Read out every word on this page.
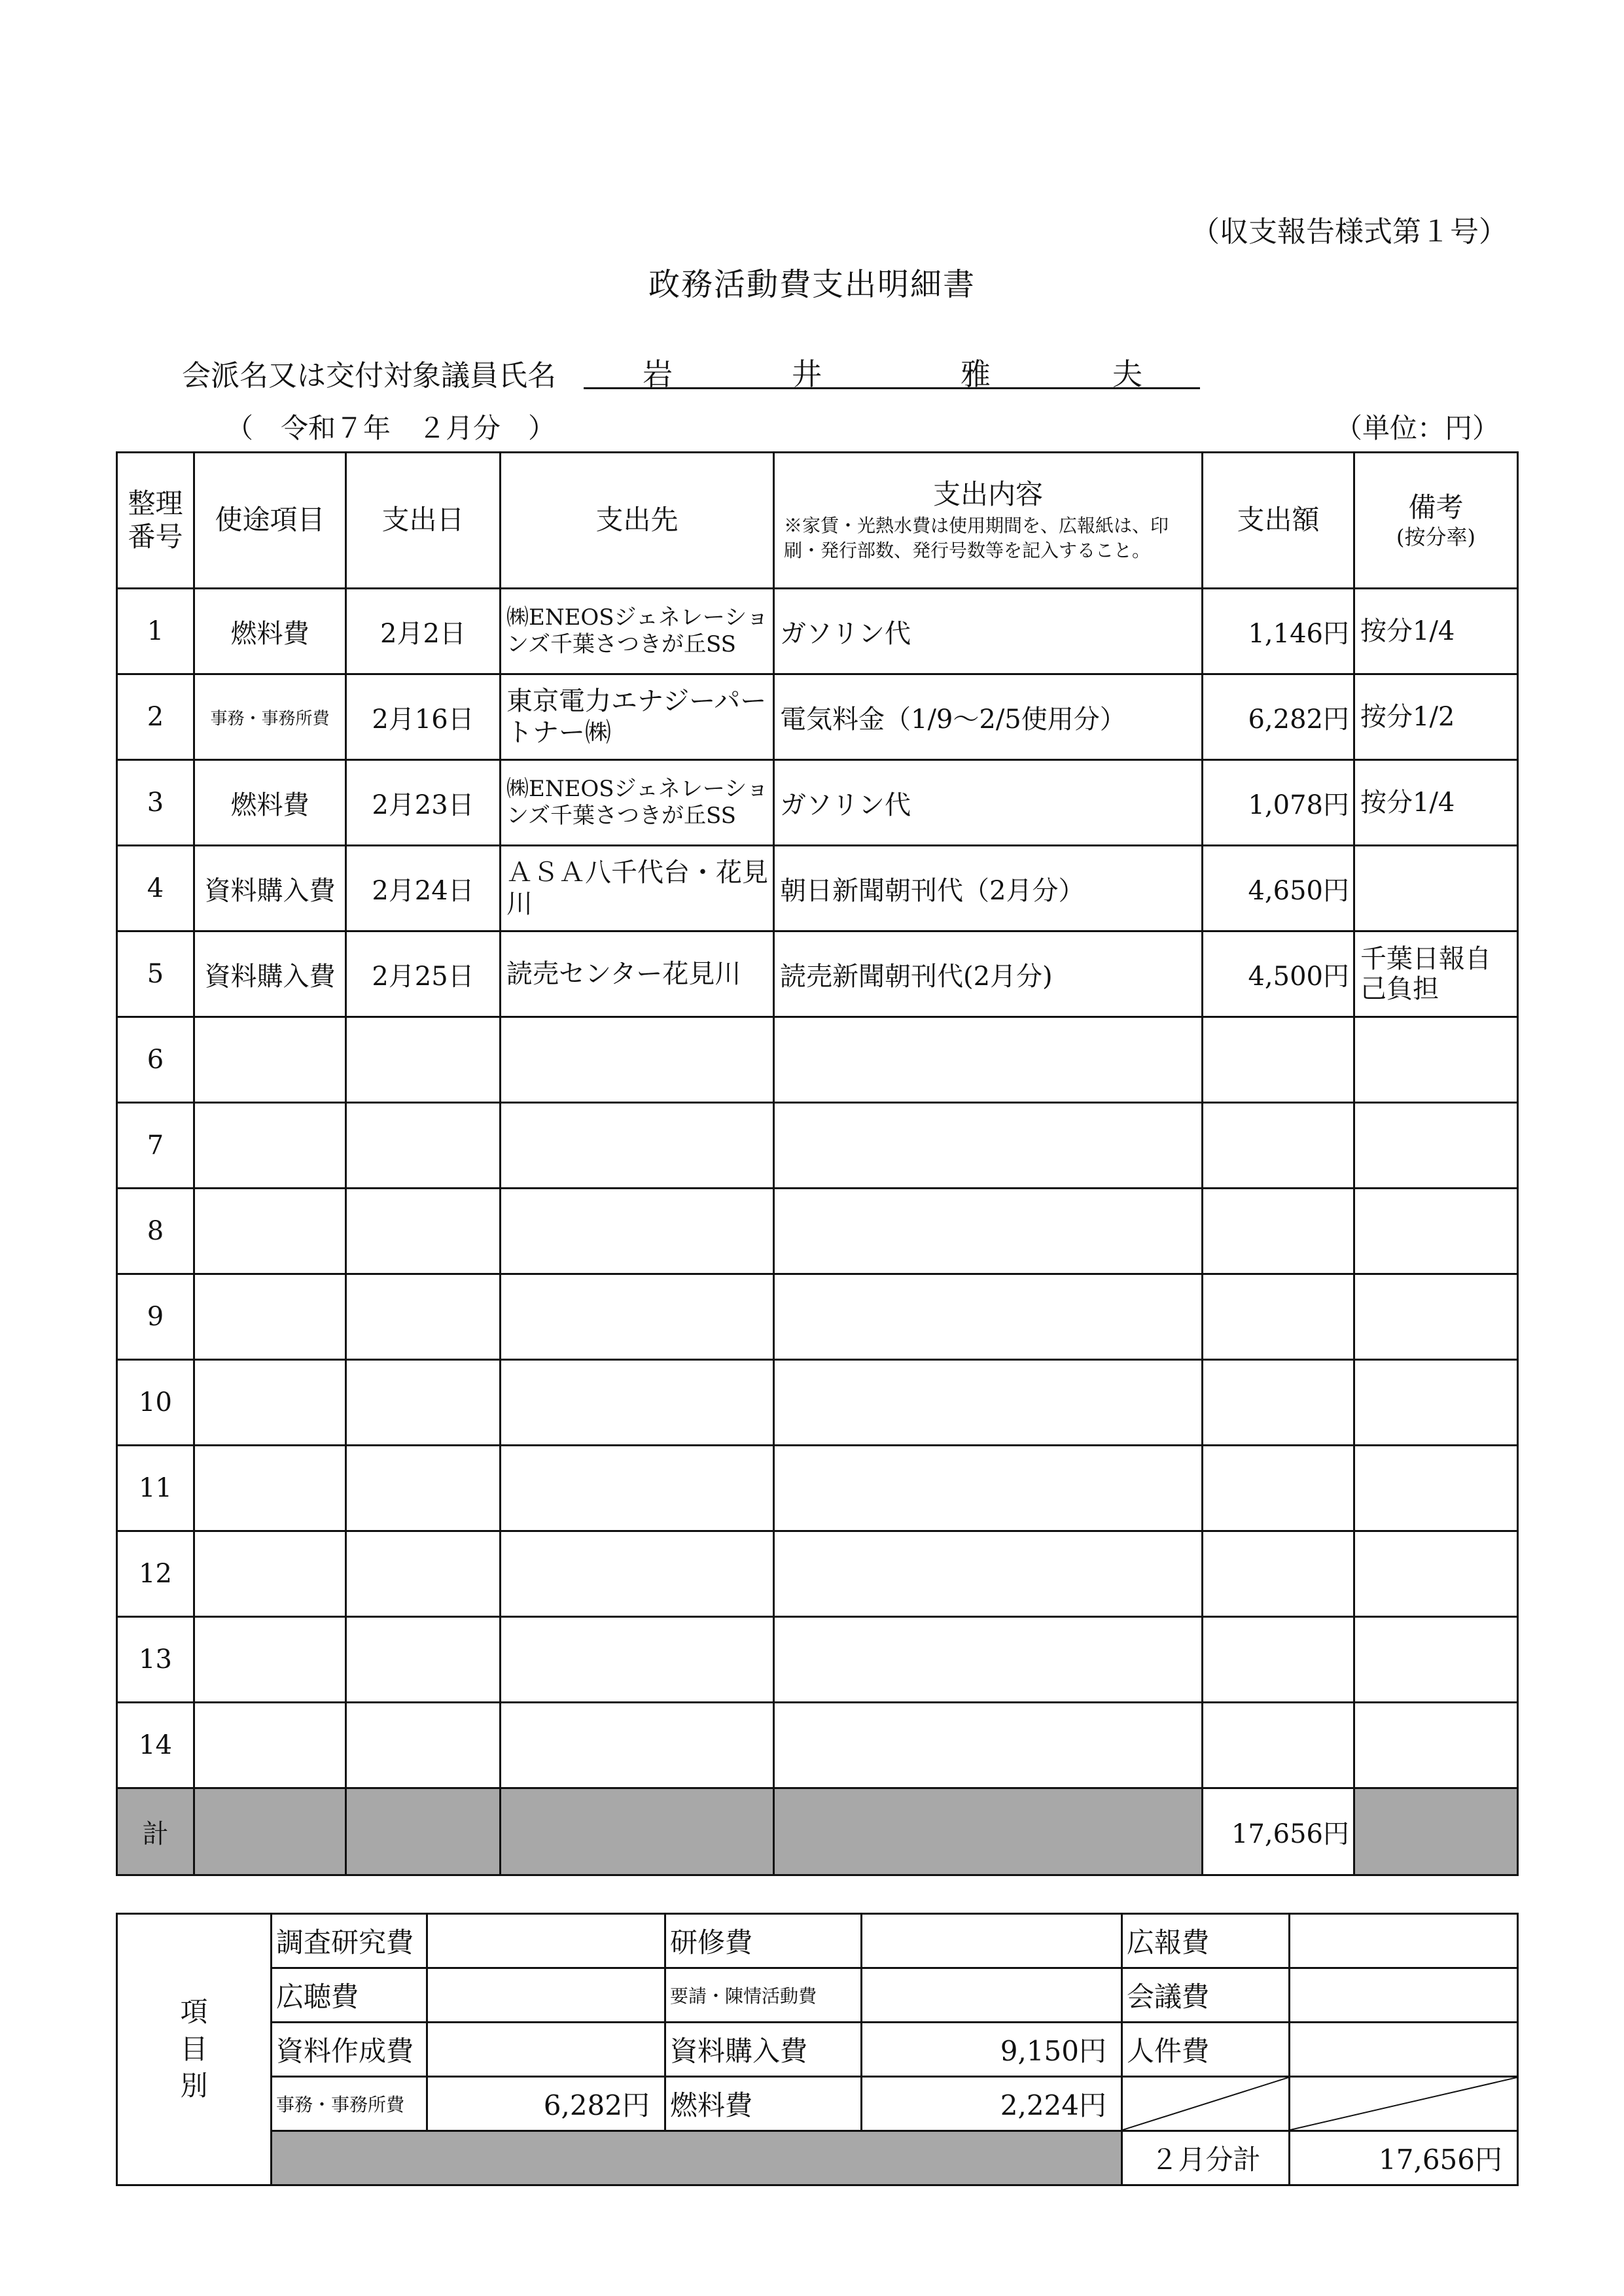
（収支報告様式第１号）
政務活動費支出明細書
会派名又は交付対象議員氏名	岩	井	雅	夫
（　令和７年　２月分　）	（単位：円）
整理番号	使途項目	支出日	支出先	支出内容
※家賃・光熱水費は使用期間を、広報紙は、印刷・発行部数、発行号数等を記入すること。	支出額	備考
(按分率)

1	燃料費	2月2日	㈱ENEOSジェネレーションズ千葉さつきが丘SS	ガソリン代	1,146円	按分1/4
2	事務・事務所費	2月16日	東京電力エナジーパートナー㈱	電気料金（1/9～2/5使用分）	6,282円	按分1/2
3	燃料費	2月23日	㈱ENEOSジェネレーションズ千葉さつきが丘SS	ガソリン代	1,078円	按分1/4
4	資料購入費	2月24日	ＡＳＡ八千代台・花見川	朝日新聞朝刊代（2月分）	4,650円	
5	資料購入費	2月25日	読売センター花見川	読売新聞朝刊代(2月分)	4,500円	千葉日報自己負担
6						
7						
8						
9						
10						
11						
12						
13						
14						
計					17,656円	
項目別	調査研究費		研修費		広報費	
	広聴費		要請・陳情活動費		会議費	
	資料作成費		資料購入費	9,150円	人件費	
	事務・事務所費	6,282円	燃料費	2,224円	

					２月分計	17,656円
